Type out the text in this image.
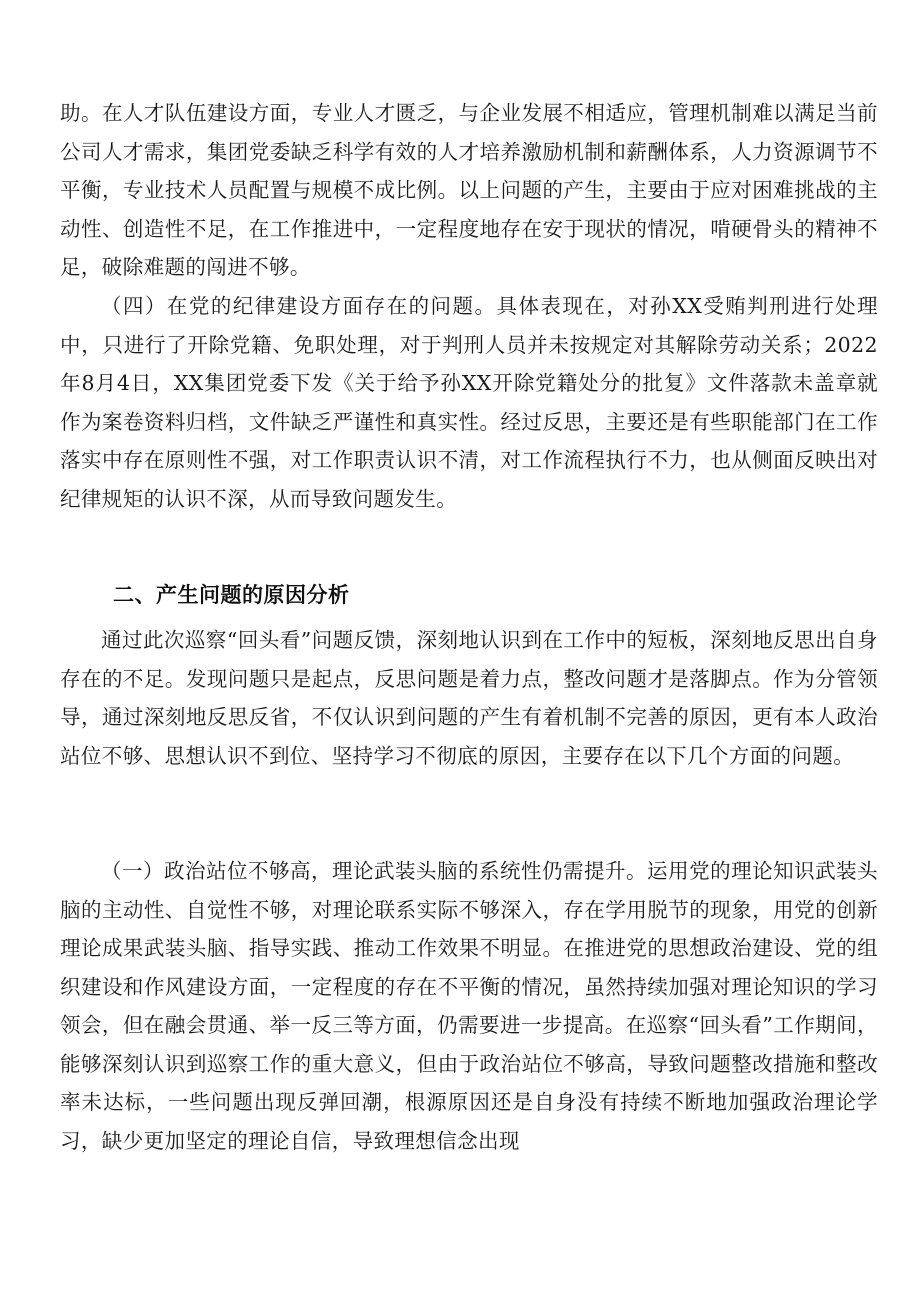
助。在人才队伍建设方面，专业人才匮乏，与企业发展不相适应，管理机制难以满足当前公司人才需求，集团党委缺乏科学有效的人才培养激励机制和薪酬体系，人力资源调节不平衡，专业技术人员配置与规模不成比例。以上问题的产生，主要由于应对困难挑战的主动性、创造性不足，在工作推进中，一定程度地存在安于现状的情况，啃硬骨头的精神不足，破除难题的闯进不够。

（四）在党的纪律建设方面存在的问题。具体表现在，对孙XX受贿判刑进行处理中，只进行了开除党籍、免职处理，对于判刑人员并未按规定对其解除劳动关系；2022年8月4日，XX集团党委下发《关于给予孙XX开除党籍处分的批复》文件落款未盖章就作为案卷资料归档，文件缺乏严谨性和真实性。经过反思，主要还是有些职能部门在工作落实中存在原则性不强，对工作职责认识不清，对工作流程执行不力，也从侧面反映出对纪律规矩的认识不深，从而导致问题发生。

二、产生问题的原因分析

通过此次巡察“回头看”问题反馈，深刻地认识到在工作中的短板，深刻地反思出自身存在的不足。发现问题只是起点，反思问题是着力点，整改问题才是落脚点。作为分管领导，通过深刻地反思反省，不仅认识到问题的产生有着机制不完善的原因，更有本人政治站位不够、思想认识不到位、坚持学习不彻底的原因，主要存在以下几个方面的问题。

（一）政治站位不够高，理论武装头脑的系统性仍需提升。运用党的理论知识武装头脑的主动性、自觉性不够，对理论联系实际不够深入，存在学用脱节的现象，用党的创新理论成果武装头脑、指导实践、推动工作效果不明显。在推进党的思想政治建设、党的组织建设和作风建设方面，一定程度的存在不平衡的情况，虽然持续加强对理论知识的学习领会，但在融会贯通、举一反三等方面，仍需要进一步提高。在巡察“回头看”工作期间，能够深刻认识到巡察工作的重大意义，但由于政治站位不够高，导致问题整改措施和整改率未达标，一些问题出现反弹回潮，根源原因还是自身没有持续不断地加强政治理论学习，缺少更加坚定的理论自信，导致理想信念出现
